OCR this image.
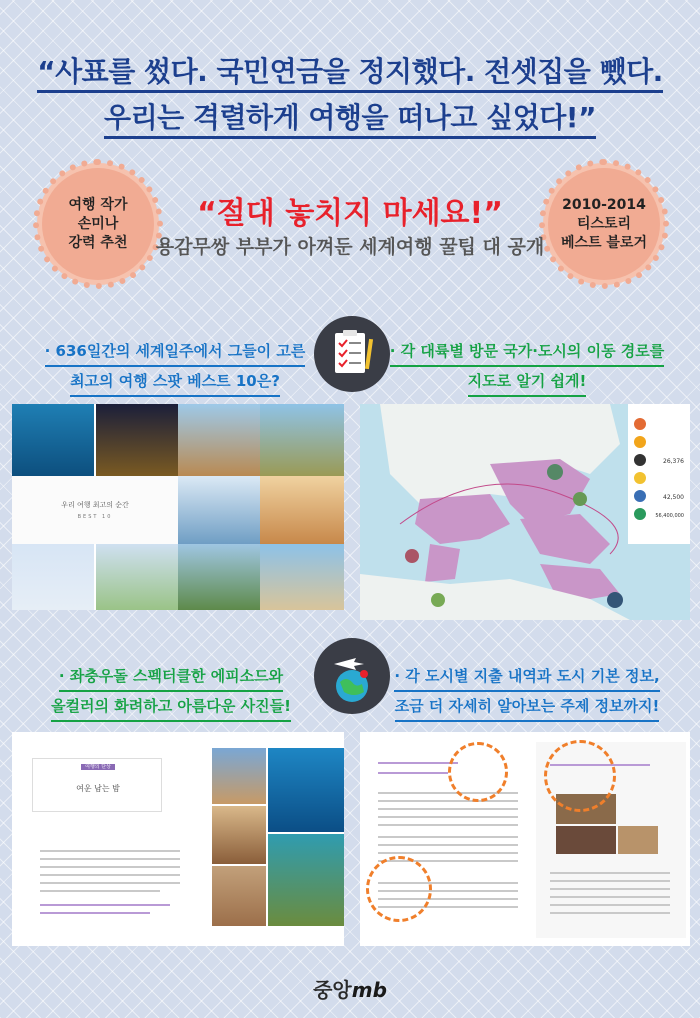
“사표를 썼다. 국민연금을 정지했다. 전셋집을 뺐다.
우리는 격렬하게 여행을 떠나고 싶었다!”
여행 작가
손미나
강력 추천
2010-2014
티스토리
베스트 블로거
“절대 놓치지 마세요!”
용감무쌍 부부가 아껴둔 세계여행 꿀팁 대 공개
· 636일간의 세계일주에서 그들이 고른
최고의 여행 스팟 베스트 10은?
· 각 대륙별 방문 국가·도시의 이동 경로를
지도로 알기 쉽게!
우리 여행 최고의 순간
BEST 10
26,376
42,500
56,400,000
· 좌충우돌 스펙터클한 에피소드와
올컬러의 화려하고 아름다운 사진들!
· 각 도시별 지출 내역과 도시 기본 정보,
조금 더 자세히 알아보는 주제 정보까지!
여행의 단상
여운 남는 밤
중앙mb
